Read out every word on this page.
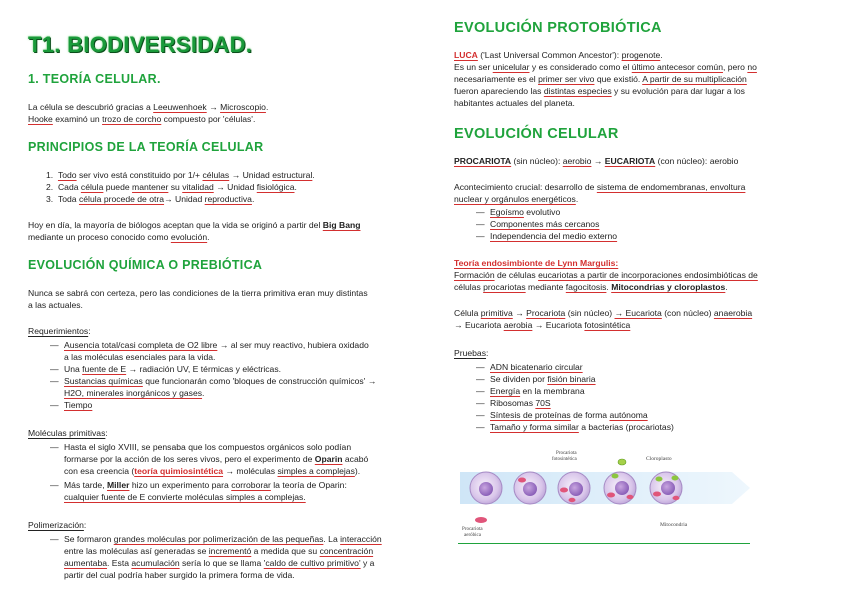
T1. BIODIVERSIDAD.
1. TEORÍA CELULAR.
La célula se descubrió gracias a Leeuwenhoek → Microscopio.
Hooke examinó un trozo de corcho compuesto por 'células'.
PRINCIPIOS DE LA TEORÍA CELULAR
1. Todo ser vivo está constituido por 1/+ células → Unidad estructural.
2. Cada célula puede mantener su vitalidad → Unidad fisiológica.
3. Toda célula procede de otra→ Unidad reproductiva.
Hoy en día, la mayoría de biólogos aceptan que la vida se originó a partir del Big Bang
mediante un proceso conocido como evolución.
EVOLUCIÓN QUÍMICA O PREBIÓTICA
Nunca se sabrá con certeza, pero las condiciones de la tierra primitiva eran muy distintas
a las actuales.
Requerimientos:
— Ausencia total/casi completa de O2 libre → al ser muy reactivo, hubiera oxidado
a las moléculas esenciales para la vida.
— Una fuente de E → radiación UV, E térmicas y eléctricas.
— Sustancias químicas que funcionarán como 'bloques de construcción químicos' →
H2O, minerales inorgánicos y gases.
— Tiempo
Moléculas primitivas:
— Hasta el siglo XVIII, se pensaba que los compuestos orgánicos solo podían
formarse por la acción de los seres vivos, pero el experimento de Oparin acabó
con esa creencia (teoría quimiosintética → moléculas simples a complejas).
— Más tarde, Miller hizo un experimento para corroborar la teoría de Oparin:
cualquier fuente de E convierte moléculas simples a complejas.
Polimerización:
— Se formaron grandes moléculas por polimerización de las pequeñas. La interacción
entre las moléculas así generadas se incrementó a medida que su concentración
aumentaba. Esta acumulación sería lo que se llama 'caldo de cultivo primitivo' y a
partir del cual podría haber surgido la primera forma de vida.
EVOLUCIÓN PROTOBIÓTICA
LUCA ('Last Universal Common Ancestor'): progenote.
Es un ser unicelular y es considerado como el último antecesor común, pero no
necesariamente es el primer ser vivo que existió. A partir de su multiplicación
fueron apareciendo las distintas especies y su evolución para dar lugar a los
habitantes actuales del planeta.
EVOLUCIÓN CELULAR
PROCARIOTA (sin núcleo): aerobio → EUCARIOTA (con núcleo): aerobio
Acontecimiento crucial: desarrollo de sistema de endomembranas, envoltura
nuclear y orgánulos energéticos.
— Egoísmo evolutivo
— Componentes más cercanos
— Independencia del medio externo
Teoría endosimbionte de Lynn Margulis:
Formación de células eucariotas a partir de incorporaciones endosimbióticas de
células procariotas mediante fagocitosis. Mitocondrias y cloroplastos.
Célula primitiva → Procariota (sin núcleo) → Eucariota (con núcleo) anaerobia
→ Eucariota aerobia → Eucariota fotosintética
Pruebas:
— ADN bicatenario circular
— Se dividen por fisión binaria
— Energía en la membrana
— Ribosomas 70S
— Síntesis de proteínas de forma autónoma
— Tamaño y forma similar a bacterias (procariotas)
Procariota
fotosintética	Cloroplasto
Procariota
aeróbica
Mitocondria
